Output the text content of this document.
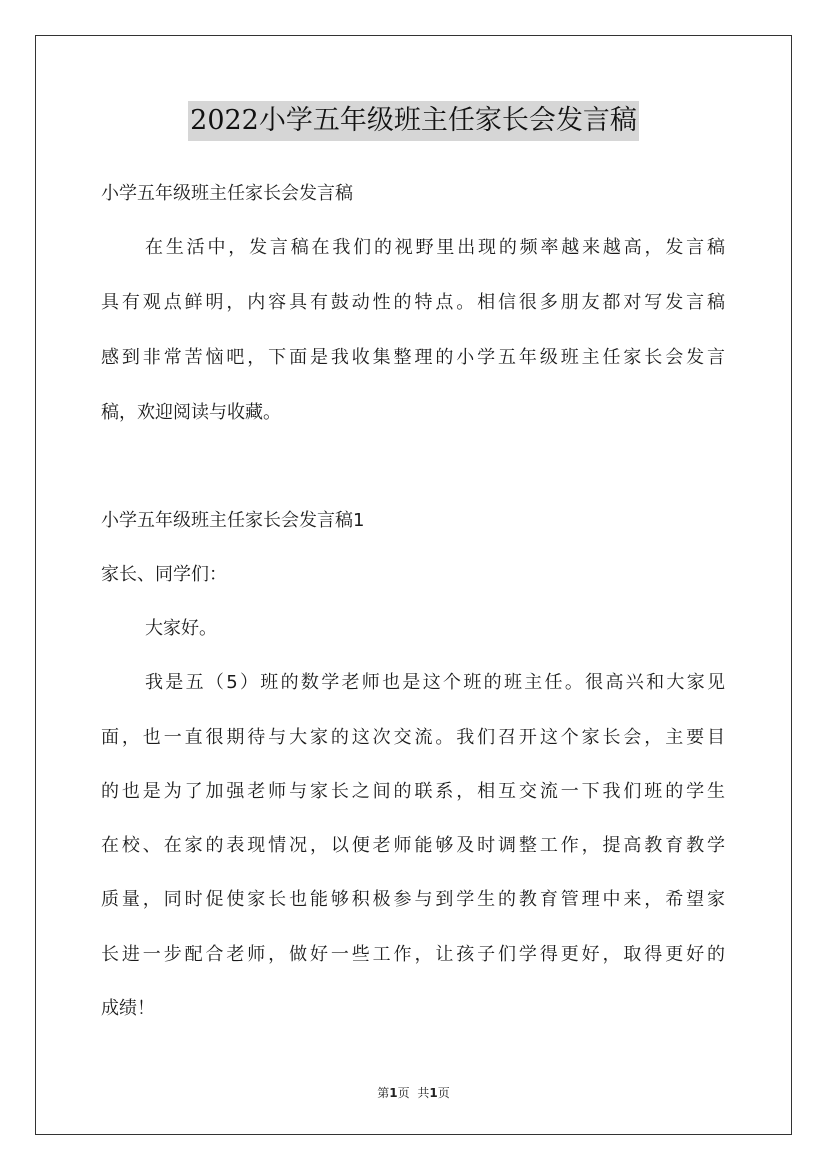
2022小学五年级班主任家长会发言稿
小学五年级班主任家长会发言稿
在生活中，发言稿在我们的视野里出现的频率越来越高，发言稿
具有观点鲜明，内容具有鼓动性的特点。相信很多朋友都对写发言稿
感到非常苦恼吧，下面是我收集整理的小学五年级班主任家长会发言
稿，欢迎阅读与收藏。
小学五年级班主任家长会发言稿1
家长、同学们：
大家好。
我是五（5）班的数学老师也是这个班的班主任。很高兴和大家见
面，也一直很期待与大家的这次交流。我们召开这个家长会，主要目
的也是为了加强老师与家长之间的联系，相互交流一下我们班的学生
在校、在家的表现情况，以便老师能够及时调整工作，提高教育教学
质量，同时促使家长也能够积极参与到学生的教育管理中来，希望家
长进一步配合老师，做好一些工作，让孩子们学得更好，取得更好的
成绩！
第1页 共1页
